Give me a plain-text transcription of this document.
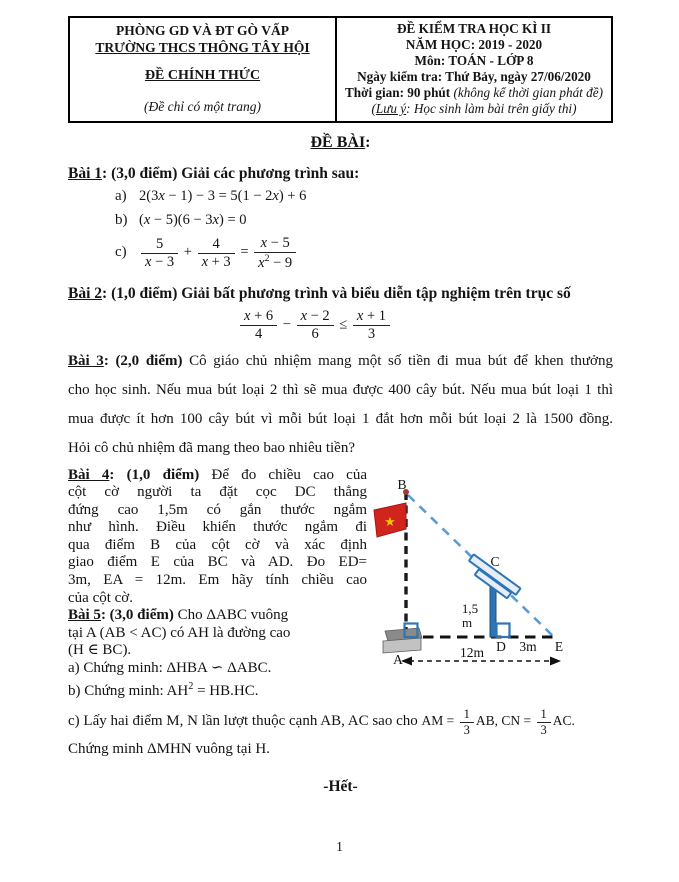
PHÒNG GD VÀ ĐT GÒ VẤP
TRƯỜNG THCS THÔNG TÂY HỘI
ĐỀ CHÍNH THỨC
(Đề chỉ có một trang)
ĐỀ KIỂM TRA HỌC KÌ II
NĂM HỌC: 2019 - 2020
Môn: TOÁN - LỚP 8
Ngày kiểm tra: Thứ Bảy, ngày 27/06/2020
Thời gian: 90 phút (không kể thời gian phát đề)
(Lưu ý: Học sinh làm bài trên giấy thi)
ĐỀ BÀI:
Bài 1: (3,0 điểm) Giải các phương trình sau:
a) 2(3x − 1) − 3 = 5(1 − 2x) + 6
b) (x − 5)(6 − 3x) = 0
$c) \frac{5}{x - 3} + \frac{4}{x + 3} = \frac{x - 5}{x^2 - 9}$
Bài 2: (1,0 điểm) Giải bất phương trình và biểu diễn tập nghiệm trên trục số
$\frac{x + 6}{4} - \frac{x - 2}{6} \le \frac{x + 1}{3}$
Bài 3: (2,0 điểm) Cô giáo chủ nhiệm mang một số tiền đi mua bút để khen thưởng
cho học sinh. Nếu mua bút loại 2 thì sẽ mua được 400 cây bút. Nếu mua bút loại 1 thì
mua được ít hơn 100 cây bút vì mỗi bút loại 1 đắt hơn mỗi bút loại 2 là 1500 đồng.
Hỏi cô chủ nhiệm đã mang theo bao nhiêu tiền?
★
B
C
1,5
m
D 3m E
A	12m
Bài 4: (1,0 điểm) Để đo chiều cao của
cột cờ người ta đặt cọc DC thẳng
đứng cao 1,5m có gắn thước ngắm
như hình. Điều khiển thước ngắm đi
qua điểm B của cột cờ và xác định
giao điểm E của BC và AD. Đo ED=
3m, EA = 12m. Em hãy tính chiều cao
của cột cờ.
Bài 5: (3,0 điểm) Cho ΔABC vuông
tại A (AB < AC) có AH là đường cao
(H ∈ BC).
a) Chứng minh: ΔHBA ∽ ΔABC.
b) Chứng minh: $AH^2 = HB.HC$.
c) Lấy hai điểm M, N lần lượt thuộc cạnh AB, AC sao cho AM = $\frac{1}{3}$ AB, CN = $\frac{1}{3}$ AC.
Chứng minh ΔMHN vuông tại H.
-Hết-
1
